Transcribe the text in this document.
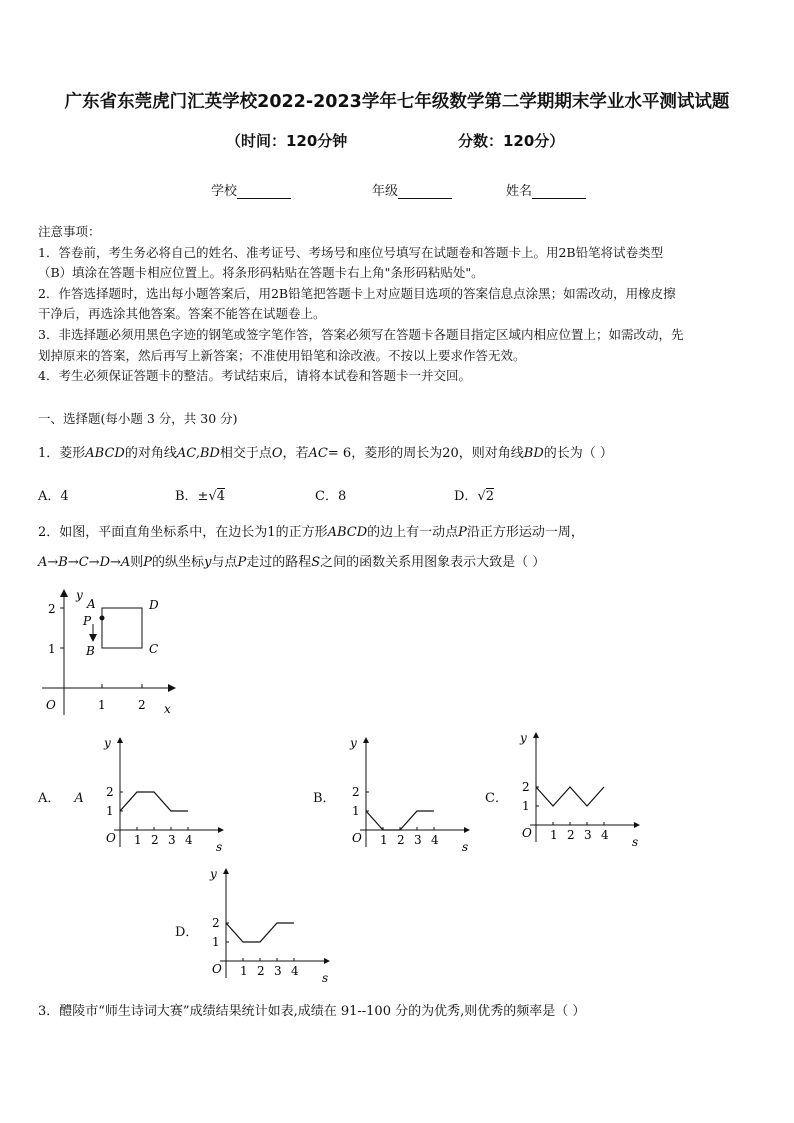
广东省东莞虎门汇英学校2022-2023学年七年级数学第二学期期末学业水平测试试题
（时间：120分钟	分数：120分）
学校	年级	姓名
注意事项：
1．答卷前，考生务必将自己的姓名、准考证号、考场号和座位号填写在试题卷和答题卡上。用2B铅笔将试卷类型
（B）填涂在答题卡相应位置上。将条形码粘贴在答题卡右上角"条形码粘贴处"。
2．作答选择题时，选出每小题答案后，用2B铅笔把答题卡上对应题目选项的答案信息点涂黑；如需改动，用橡皮擦
干净后，再选涂其他答案。答案不能答在试题卷上。
3．非选择题必须用黑色字迹的钢笔或签字笔作答，答案必须写在答题卡各题目指定区域内相应位置上；如需改动，先
划掉原来的答案，然后再写上新答案；不准使用铅笔和涂改液。不按以上要求作答无效。
4．考生必须保证答题卡的整洁。考试结束后，请将本试卷和答题卡一并交回。
一、选择题(每小题 3 分，共 30 分)
1．菱形ABCD的对角线AC,BD相交于点O，若AC= 6，菱形的周长为20，则对角线BD的长为（ ）
A．4	B．±√4	C．8	D．√2
2．如图，平面直角坐标系中，在边长为1的正方形ABCD的边上有一动点P沿正方形运动一周，
A→B→C→D→A则P的纵坐标y与点P走过的路程S之间的函数关系用图象表示大致是（ ）
y
x
O
2
1
1	2
A
P
B
D
C
A． A	B．	C．
D．
y
s
O
2
1
1 2 3 4
y
s
O
2
1
1 2 3 4
y
s
O
2
1
1 2 3 4
y
s
O
2
1
1 2 3 4
3．醴陵市“师生诗词大赛”成绩结果统计如表,成绩在 91--100 分的为优秀,则优秀的频率是（ ）
